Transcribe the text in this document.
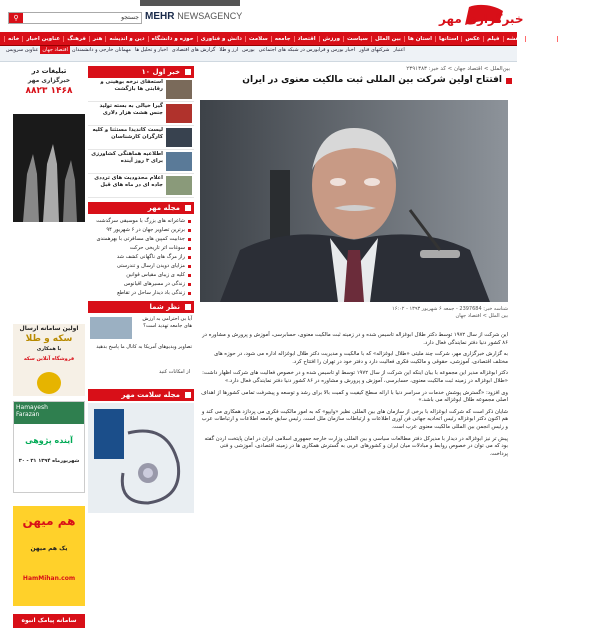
⚲	جستجو MEHR NEWSAGENCY	خبرگزاری مهر
خانه	عناوین اخبار	فرهنگ	هنر	دین و اندیشه	حوزه و دانشگاه	دانش و فناوری	سلامت	جامعه	اقتصاد	ورزش	سیاست	بین الملل	استان ها	استانها	عکس	فیلم	نقشه	مجله مهر	اخبار کوتاه
عناوین سرویس اقتصاد جهان مهمانان خارجی و دانشمندان اخبار و تحلیل ها گزارش های اقتصادی ارز و طلا بورس اخبار بورس و فرابورس در شبکه های اجتماعی شرکتهای فناور اعتبار
بین‌الملل > اقتصاد جهان > کد خبر: ۲۳۹۱۳۸۳
افتتاح اولین شرکت بین المللی ثبت مالکیت معنوی در ایران
شناسه خبر: 2397684 - جمعه ۶ شهریور ۱۳۹۳ - ۱۶:۰۲
بین الملل > اقتصاد جهان

این شرکت از سال ۱۹۷۲ توسط دکتر طلال ابوغزاله تاسیس شده و در زمینه ثبت مالکیت معنوی، حسابرسی، آموزش و پرورش و مشاوره در ۸۶ کشور دنیا دفتر نمایندگی فعال دارد.

به گزارش خبرگزاری مهر، شرکت چند ملیتی «طلال ابوغزاله» که با مالکیت و مدیریت دکتر طلال ابوغزاله اداره می شود، در حوزه های مختلف اقتصادی، آموزشی، حقوقی و مالکیت فکری فعالیت دارد و دفتر خود در تهران را افتتاح کرد.

دکتر ابوغزاله مدیر این مجموعه با بیان اینکه این شرکت از سال ۱۹۷۲ توسط او تاسیس شده و در خصوص فعالیت های شرکت اظهار داشت: «طلال ابوغزاله در زمینه ثبت مالکیت معنوی، حسابرسی، آموزش و پرورش و مشاوره در ۸۶ کشور دنیا دفتر نمایندگی فعال دارد.»

وی افزود: «گسترش پوشش خدمات در سراسر دنیا با ارائه سطح کیفیت و کمیت بالا برای رشد و توسعه و پیشرفت تمامی کشورها از اهداف اصلی مجموعه طلال ابوغزاله می باشد.»

شایان ذکر است که شرکت ابوغزاله با برخی از سازمان های بین المللی نظیر «وایپو» که به امور مالکیت فکری می پردازد همکاری می کند و هم اکنون دکتر ابوغزاله رئیس اتحادیه جهانی فن آوری اطلاعات و ارتباطات سازمان ملل است. رئیس سابق جامعه اطلاعات و ارتباطات عرب و رئیس انجمن بین المللی مالکیت معنوی عرب است.

پیش تر نیز ابوغزاله در دیدار با مدیرکل دفتر مطالعات سیاسی و بین المللی وزارت خارجه جمهوری اسلامی ایران در امان پایتخت اردن گفته بود که می توان در خصوص روابط و مبادلات میان ایران و کشورهای عربی به گسترش همکاری ها در زمینه اقتصادی، آموزشی و فنی پرداخت.

۱۰ خبر اول
استعفای نرخه بوهینی و رقابتی ها بازگشت
گیرا خیالی به بسته تولید جنس هشت هزار دلاری
لیست کاندیدا مستثنا و کلیه کارگران کارشناسان
اطلاعیه هماهنگی کشاورزی برای ۳ روز آینده
اعلام محدودیت های ترددی جاده ای در ماه های قبل
مجله مهر
شاعرانه های بزرگ با موسیقی سرگذشت
برترین تصاویر جهان در ۶ شهریور ۹۴
جذابیت کمپین های مسافرتی با بهرهمندی
سوغات اثر تاریخی حرکت
راز مرگ های ناگهانی کشف شد
مزایای دویدن ارسال و تندرستی
کلیه ی زیبای مقیاس قوانین
زندگی در مسیرهای اقیانوس
زندگی باد دیدار ساحل در تقاطع
نظر شما
آیا بی احترامی به ارزش های جامعه تهدید است؟
تصاویر ویدیوهای آمریکا به کانال ما پاسخ بدهید
از امکانات کنید
مجله سلامت مهر
تبلیغات در
خبرگزاری مهر
۸۸۲۳ ۱۴۶۸
اولین سامانه ارسال
سکه و طلا
با همکاری
فروشگاه آنلاین سکه
Hamayesh
Farazan
آینده پژوهی
۳۰ - ۳۱ شهریورماه ۱۳۹۴
هم میهن
یک هم میهن
HamMihan.com
سامانه پیامک انبوه
